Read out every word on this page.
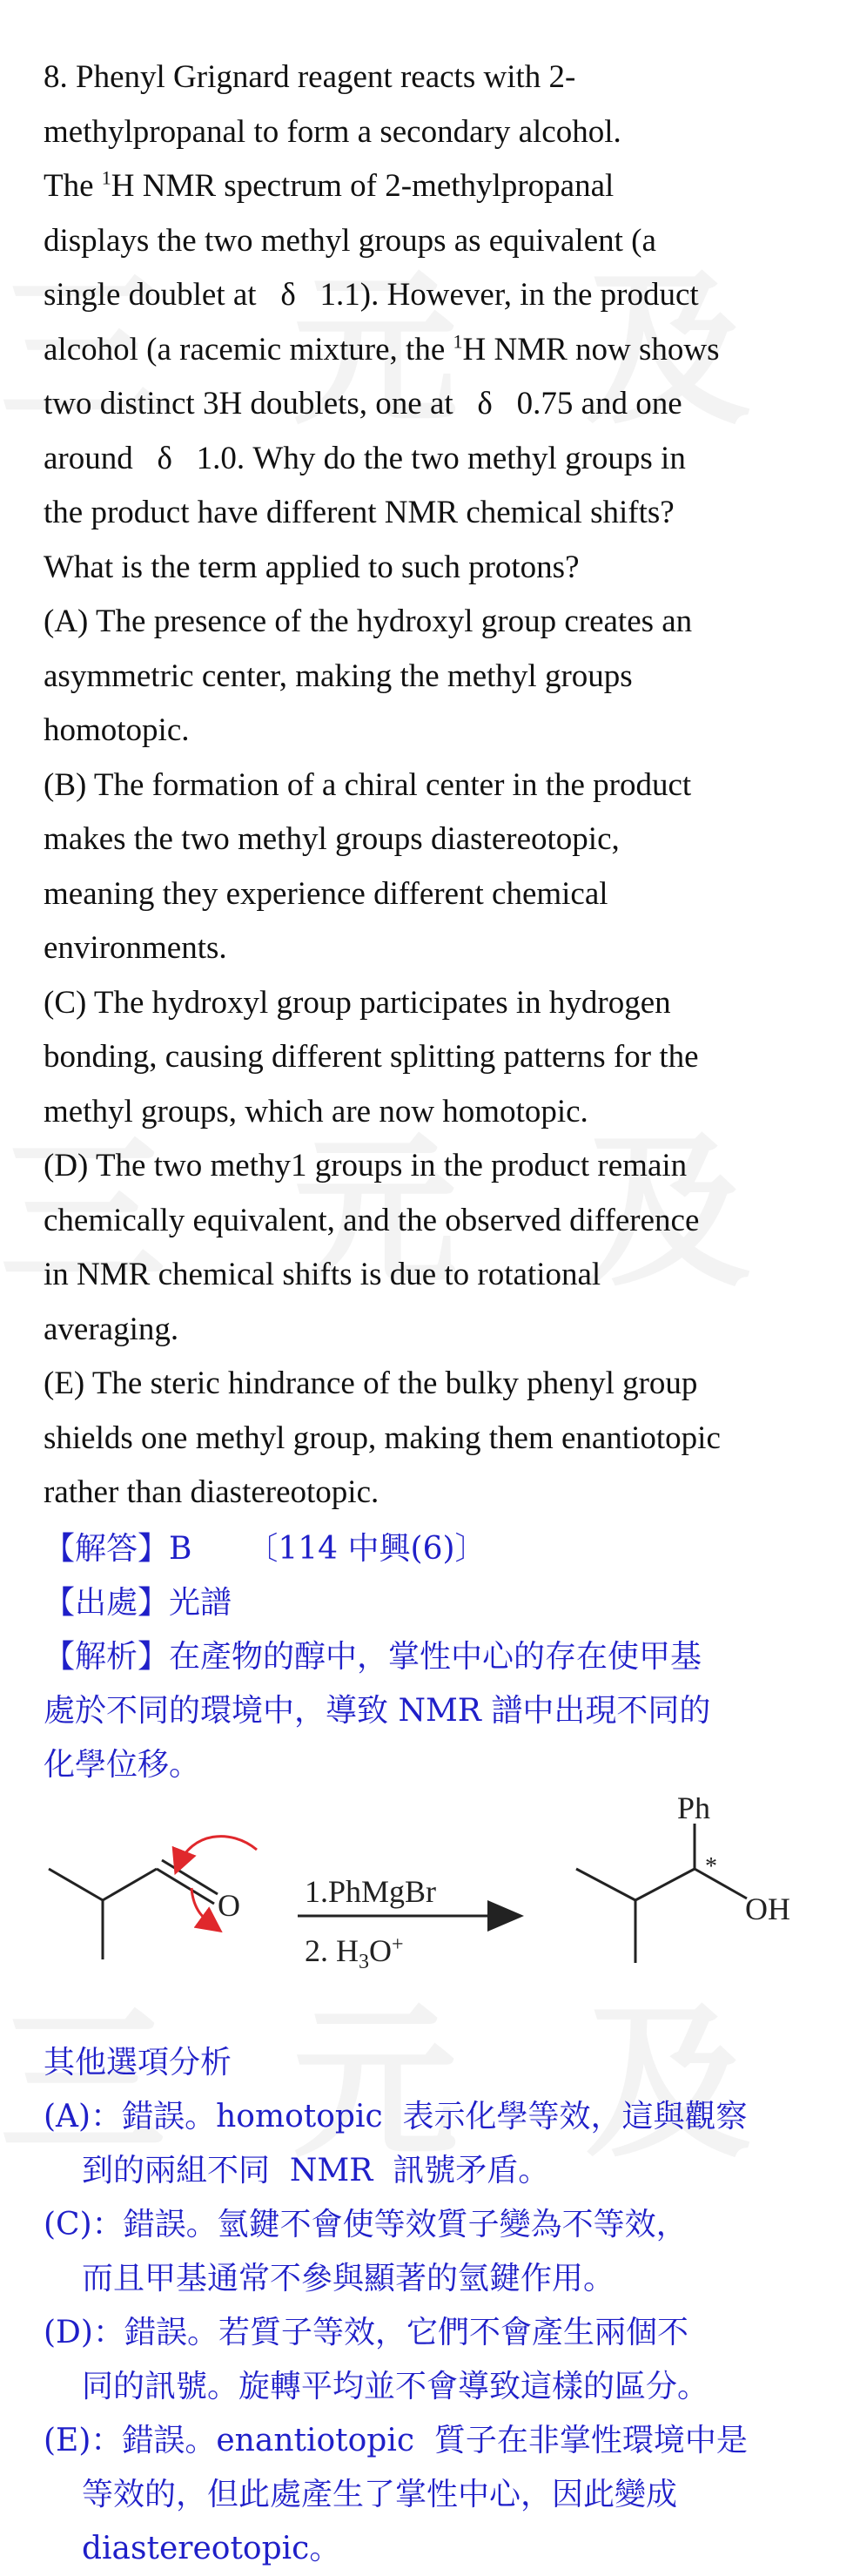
8. Phenyl Grignard reagent reacts with 2-

methylpropanal to form a secondary alcohol.

The $^1$H NMR spectrum of 2-methylpropanal

displays the two methyl groups as equivalent (a

single doublet at   δ   1.1). However, in the product

alcohol (a racemic mixture, the $^1$H NMR now shows

two distinct 3H doublets, one at   δ   0.75 and one

around   δ   1.0. Why do the two methyl groups in

the product have different NMR chemical shifts?

What is the term applied to such protons?

(A) The presence of the hydroxyl group creates an

asymmetric center, making the methyl groups

homotopic.

(B) The formation of a chiral center in the product

makes the two methyl groups diastereotopic,

meaning they experience different chemical

environments.

(C) The hydroxyl group participates in hydrogen

bonding, causing different splitting patterns for the

methyl groups, which are now homotopic.

(D) The two methy1 groups in the product remain

chemically equivalent, and the observed difference

in NMR chemical shifts is due to rotational

averaging.

(E) The steric hindrance of the bulky phenyl group

shields one methyl group, making them enantiotopic

rather than diastereotopic.

【解答】B 〔114 中興(6)〕

【出處】光譜

【解析】在產物的醇中，掌性中心的存在使甲基

處於不同的環境中，導致 NMR 譜中出現不同的

化學位移。

O 1.PhMgBr
2. $H_3O^+$
Ph
*
OH

其他選項分析

(A)：錯誤。homotopic  表示化學等效，這與觀察

到的兩組不同  NMR  訊號矛盾。

(C)：錯誤。氫鍵不會使等效質子變為不等效，

而且甲基通常不參與顯著的氫鍵作用。

(D)：錯誤。若質子等效，它們不會產生兩個不

同的訊號。旋轉平均並不會導致這樣的區分。

(E)：錯誤。enantiotopic  質子在非掌性環境中是

等效的，但此處產生了掌性中心，因此變成

diastereotopic。
